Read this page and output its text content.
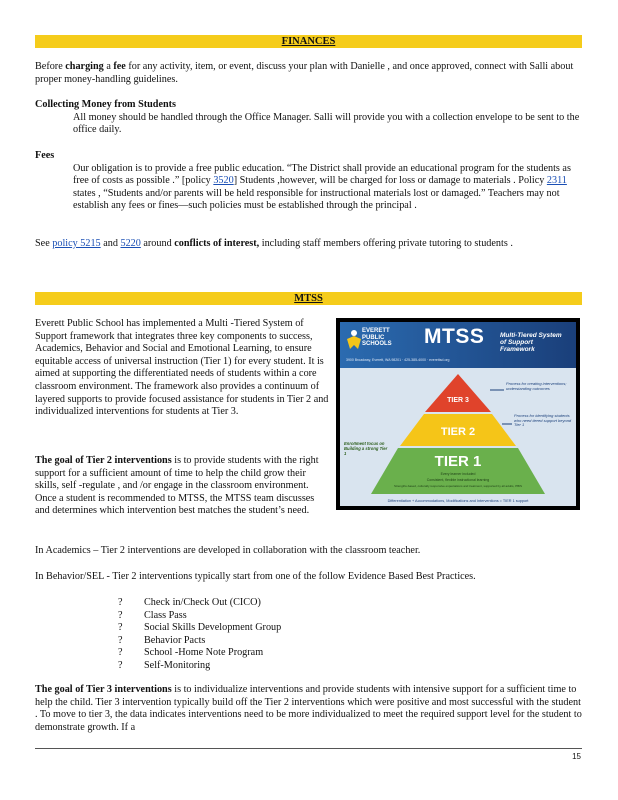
FINANCES
Before charging a fee for any activity, item, or event, discuss your plan with Danielle , and once approved, connect with Salli about proper money-handling guidelines.
Collecting Money from Students
All money should be handled through the Office Manager. Salli will provide you with a collection envelope to be sent to the office daily.
Fees
Our obligation is to provide a free public education. “The District shall provide an educational program for the students as free of costs as possible .” [policy 3520] Students ,however, will be charged for loss or damage to materials . Policy 2311 states , “Students and/or parents will be held responsible for instructional materials lost or damaged.” Teachers may not establish any fees or fines—such policies must be established through the principal .
See policy 5215 and 5220 around conflicts of interest, including staff members offering private tutoring to students .
MTSS
Everett Public School has implemented a Multi -Tiered System of Support framework that integrates three key components to success, Academics, Behavior and Social and Emotional Learning, to ensure equitable access of universal instruction (Tier 1) for every student. It is aimed at supporting the differentiated needs of students within a core classroom environment. The framework also provides a continuum of layered supports to provide focused assistance for students in Tier 2 and individualized interventions for students at Tier 3.
The goal of Tier 2 interventions is to provide students with the right support for a sufficient amount of time to help the child grow their skills, self -regulate , and /or engage in the classroom environment. Once a student is recommended to MTSS, the MTSS team discusses and determines which intervention best matches the student’s need.
EVERETT
PUBLIC
SCHOOLS
3900 Broadway, Everett, WA 98201 · 425-385-4000 · everettsd.org
MTSS Multi-Tiered System of Support Framework
TIER 3
TIER 2
TIER 1
Every learner included
Consistent, flexible instructional learning
Strengths-based, culturally responsive expectations and treatment, supported by all adults, PBIS
Process for creating interventions; understanding outcomes
Process for identifying students who need tiered support beyond Tier 1
Enrollment focus on Building a strong Tier 1
Differentiation + Accommodations, Modifications and Interventions = TIER 1 support
In Academics – Tier 2 interventions are developed in collaboration with the classroom teacher.
In Behavior/SEL - Tier 2 interventions typically start from one of the follow Evidence Based Best Practices.
? Check in/Check Out (CICO)
? Class Pass
? Social Skills Development Group
? Behavior Pacts
? School -Home Note Program
? Self-Monitoring
The goal of Tier 3 interventions is to individualize interventions and provide students with intensive support for a sufficient time to help the child. Tier 3 intervention typically build off the Tier 2 interventions which were positive and most successful with the student . To move to tier 3, the data indicates interventions need to be more individualized to meet the required support level for the student to demonstrate growth. If a
15
